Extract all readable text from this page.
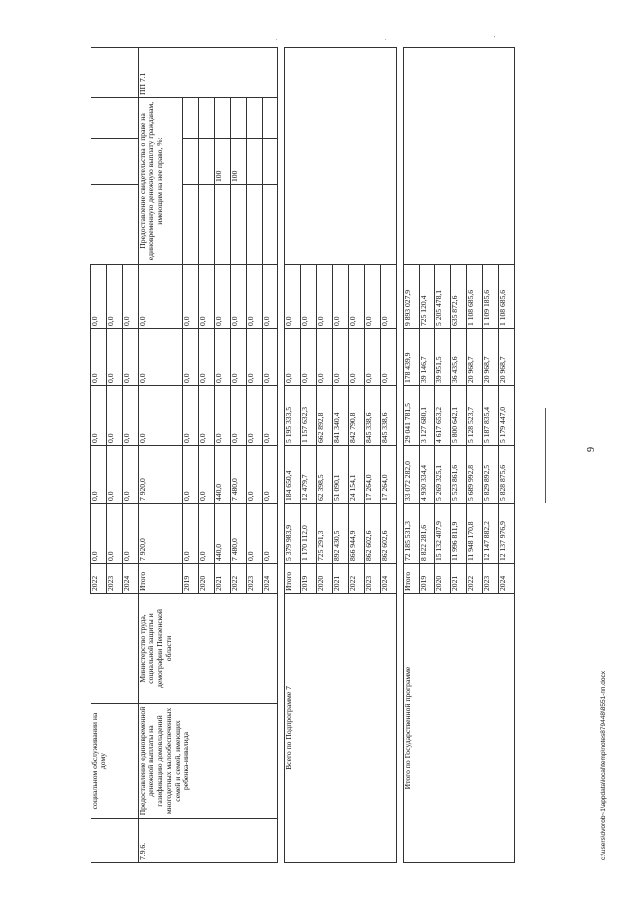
	социальном обслуживании на дому		2022	0,0	0,0	0,0	0,0	0,0				
			2023	0,0	0,0	0,0	0,0	0,0				
			2024	0,0	0,0	0,0	0,0	0,0				
7.9.6.	Предоставление единовременной денежной выплаты на газификацию домовладений многодетных малообеспеченных семей и семей, имеющих ребенка-инвалида	Министерство труда, социальной защиты и демографии Пензенской области	Итого	7 920,0	7 920,0	0,0	0,0	0,0	Предоставление свидетельства о праве на единовременную денежную выплату гражданам, имеющим на нее право, %:			ПП 7.1
			2019	0,0	0,0	0,0	0,0	0,0				
			2020	0,0	0,0	0,0	0,0	0,0				
			2021	440,0	440,0	0,0	0,0	0,0		100		
			2022	7 480,0	7 480,0	0,0	0,0	0,0		100		
			2023	0,0	0,0	0,0	0,0	0,0				
			2024	0,0	0,0	0,0	0,0	0,0				

Всего по Подпрограмме 7			Итого	5 379 983,9	184 650,4	5 195 333,5	0,0	0,0				
			2019	1 170 112,0	12 479,7	1 157 632,3	0,0	0,0				
			2020	725 291,3	62 398,5	662 892,8	0,0	0,0				
			2021	892 430,5	51 090,1	841 340,4	0,0	0,0				
			2022	866 944,9	24 154,1	842 790,8	0,0	0,0				
			2023	862 602,6	17 264,0	845 338,6	0,0	0,0				
			2024	862 602,6	17 264,0	845 338,6	0,0	0,0				

Итого по Государственной программе			Итого	72 185 531,3	33 072 282,0	29 041 781,5	178 439,9	9 893 027,9				
			2019	8 822 281,6	4 930 334,4	3 127 680,1	39 146,7	725 120,4				
			2020	15 132 407,9	5 269 325,1	4 617 653,2	39 951,5	5 205 478,1				
			2021	11 996 811,9	5 523 861,6	5 800 642,1	36 435,6	635 872,6				
			2022	11 948 170,8	5 689 992,8	5 128 523,7	20 968,7	1 108 685,6				
			2023	12 147 882,2	5 829 892,5	5 187 835,4	20 968,7	1 109 185,6				
			2024	12 137 976,9	5 828 875,6	5 179 447,0	20 968,7	1 108 685,6				
9
c:\users\dvorob~1\appdata\local\temp\notes879448\8551-пп.docx
.	.	'
